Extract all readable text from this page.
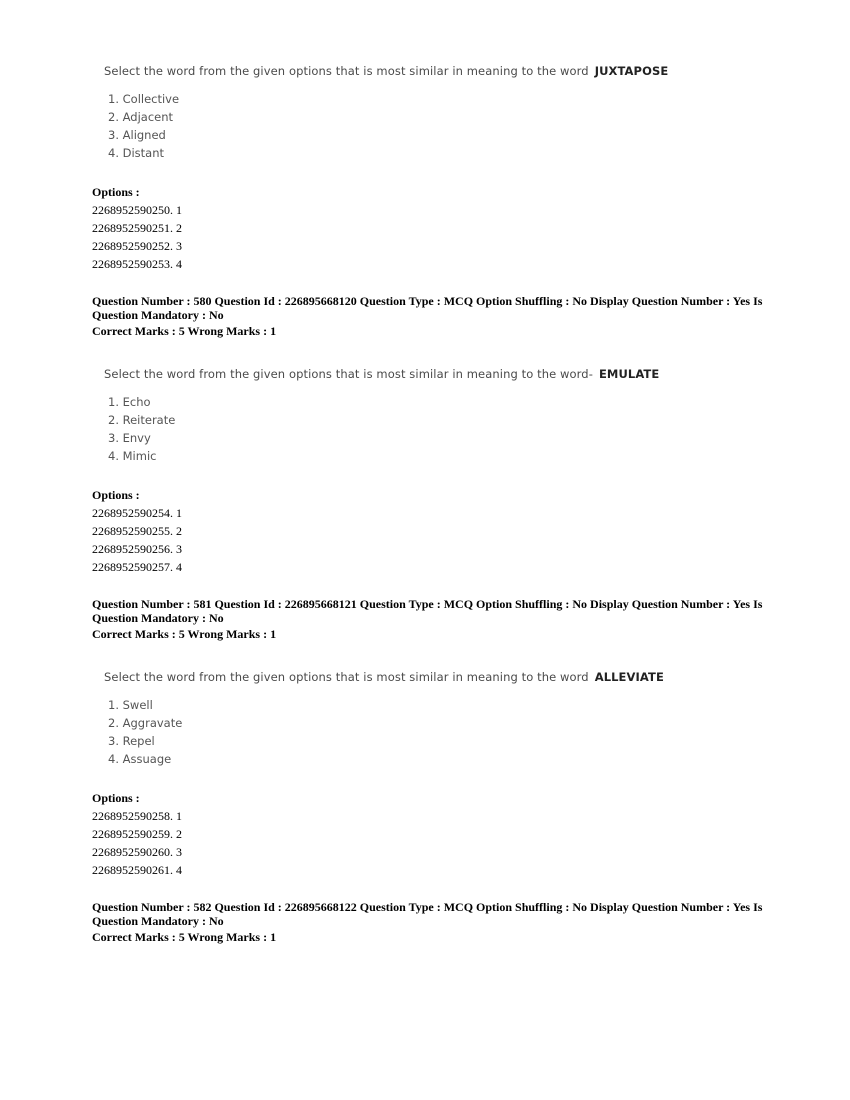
Select the word from the given options that is most similar in meaning to the word JUXTAPOSE
1. Collective
2. Adjacent
3. Aligned
4. Distant
Options :
2268952590250. 1
2268952590251. 2
2268952590252. 3
2268952590253. 4
Question Number : 580 Question Id : 226895668120 Question Type : MCQ Option Shuffling : No Display Question Number : Yes Is
Question Mandatory : No
Correct Marks : 5 Wrong Marks : 1
Select the word from the given options that is most similar in meaning to the word- EMULATE
1. Echo
2. Reiterate
3. Envy
4. Mimic
Options :
2268952590254. 1
2268952590255. 2
2268952590256. 3
2268952590257. 4
Question Number : 581 Question Id : 226895668121 Question Type : MCQ Option Shuffling : No Display Question Number : Yes Is
Question Mandatory : No
Correct Marks : 5 Wrong Marks : 1
Select the word from the given options that is most similar in meaning to the word ALLEVIATE
1. Swell
2. Aggravate
3. Repel
4. Assuage
Options :
2268952590258. 1
2268952590259. 2
2268952590260. 3
2268952590261. 4
Question Number : 582 Question Id : 226895668122 Question Type : MCQ Option Shuffling : No Display Question Number : Yes Is
Question Mandatory : No
Correct Marks : 5 Wrong Marks : 1
